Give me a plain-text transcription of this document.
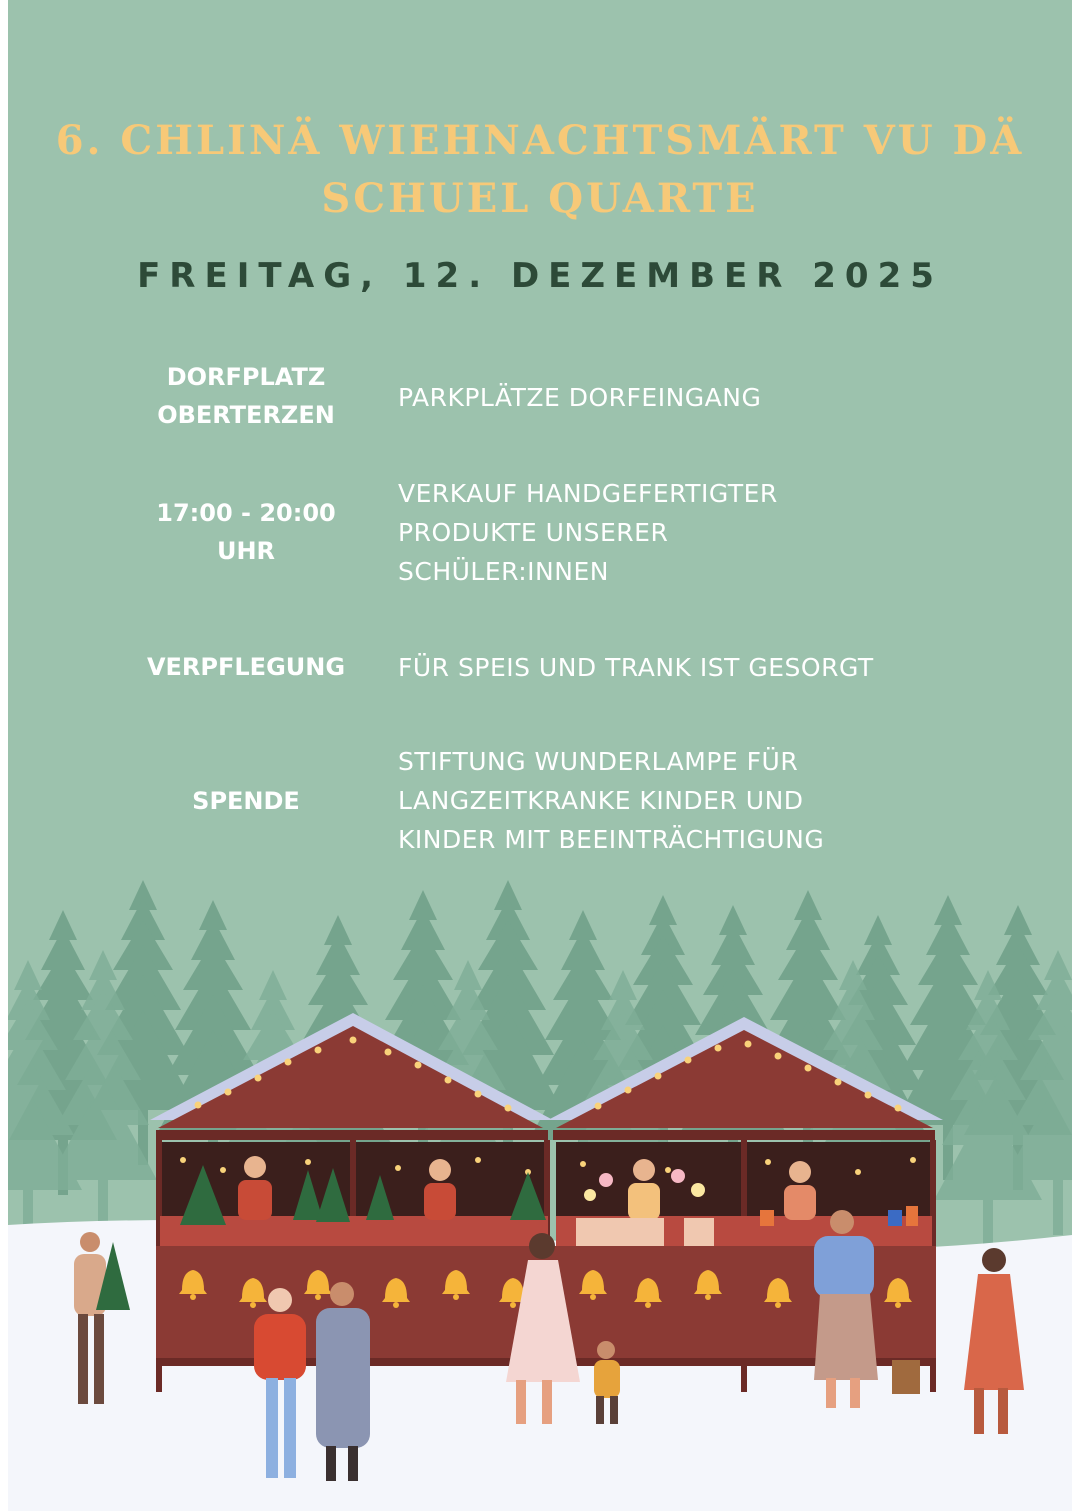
6. CHLINÄ WIEHNACHTSMÄRT VU DÄ
SCHUEL QUARTE
FREITAG, 12. DEZEMBER 2025
DORFPLATZ
OBERTERZEN
PARKPLÄTZE DORFEINGANG
17:00 - 20:00
UHR
VERKAUF HANDGEFERTIGTER
PRODUKTE UNSERER
SCHÜLER:INNEN
VERPFLEGUNG	FÜR SPEIS UND TRANK IST GESORGT
SPENDE
STIFTUNG WUNDERLAMPE FÜR
LANGZEITKRANKE KINDER UND
KINDER MIT BEEINTRÄCHTIGUNG
